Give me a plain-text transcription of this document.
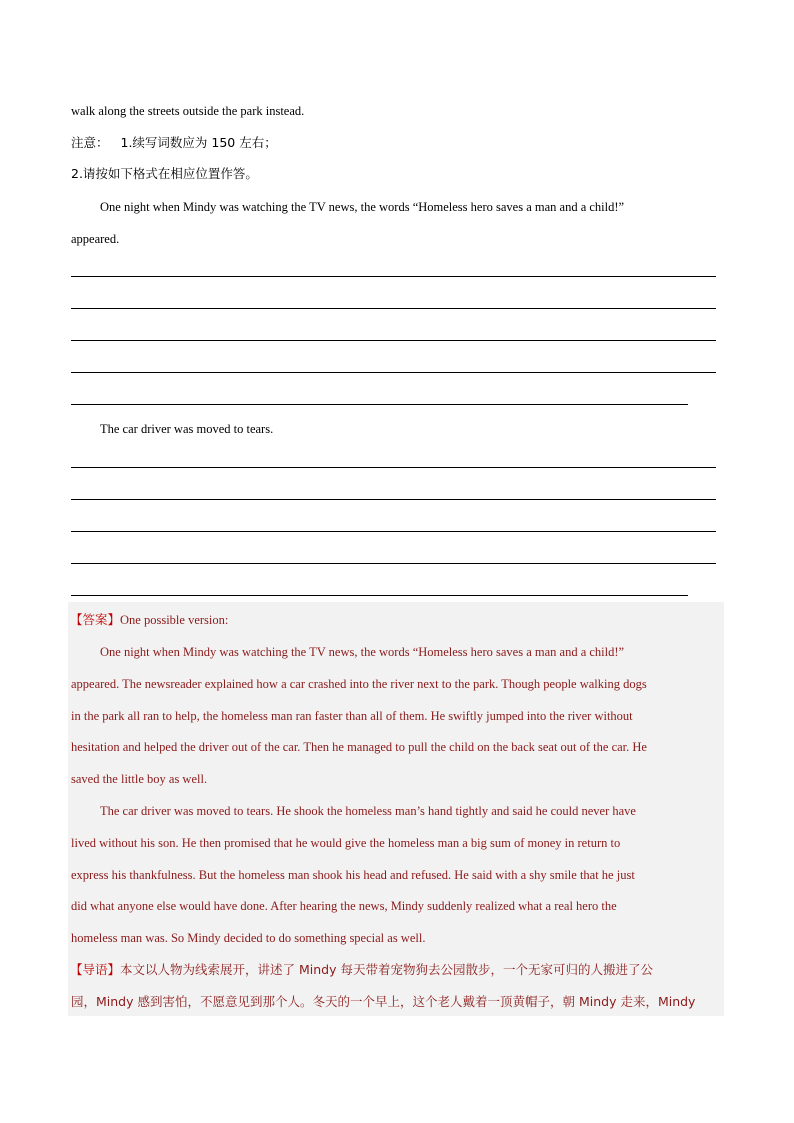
walk along the streets outside the park instead.
注意： 1.续写词数应为 150 左右；
2.请按如下格式在相应位置作答。
One night when Mindy was watching the TV news, the words “Homeless hero saves a man and a child!”
appeared.
The car driver was moved to tears.
【答案】One possible version:
One night when Mindy was watching the TV news, the words “Homeless hero saves a man and a child!”
appeared. The newsreader explained how a car crashed into the river next to the park. Though people walking dogs
in the park all ran to help, the homeless man ran faster than all of them. He swiftly jumped into the river without
hesitation and helped the driver out of the car. Then he managed to pull the child on the back seat out of the car. He
saved the little boy as well.
The car driver was moved to tears. He shook the homeless man’s hand tightly and said he could never have
lived without his son. He then promised that he would give the homeless man a big sum of money in return to
express his thankfulness. But the homeless man shook his head and refused. He said with a shy smile that he just
did what anyone else would have done. After hearing the news, Mindy suddenly realized what a real hero the
homeless man was. So Mindy decided to do something special as well.
【导语】本文以人物为线索展开，讲述了 Mindy 每天带着宠物狗去公园散步，一个无家可归的人搬进了公
园，Mindy 感到害怕，不愿意见到那个人。冬天的一个早上，这个老人戴着一顶黄帽子，朝 Mindy 走来，Mindy
